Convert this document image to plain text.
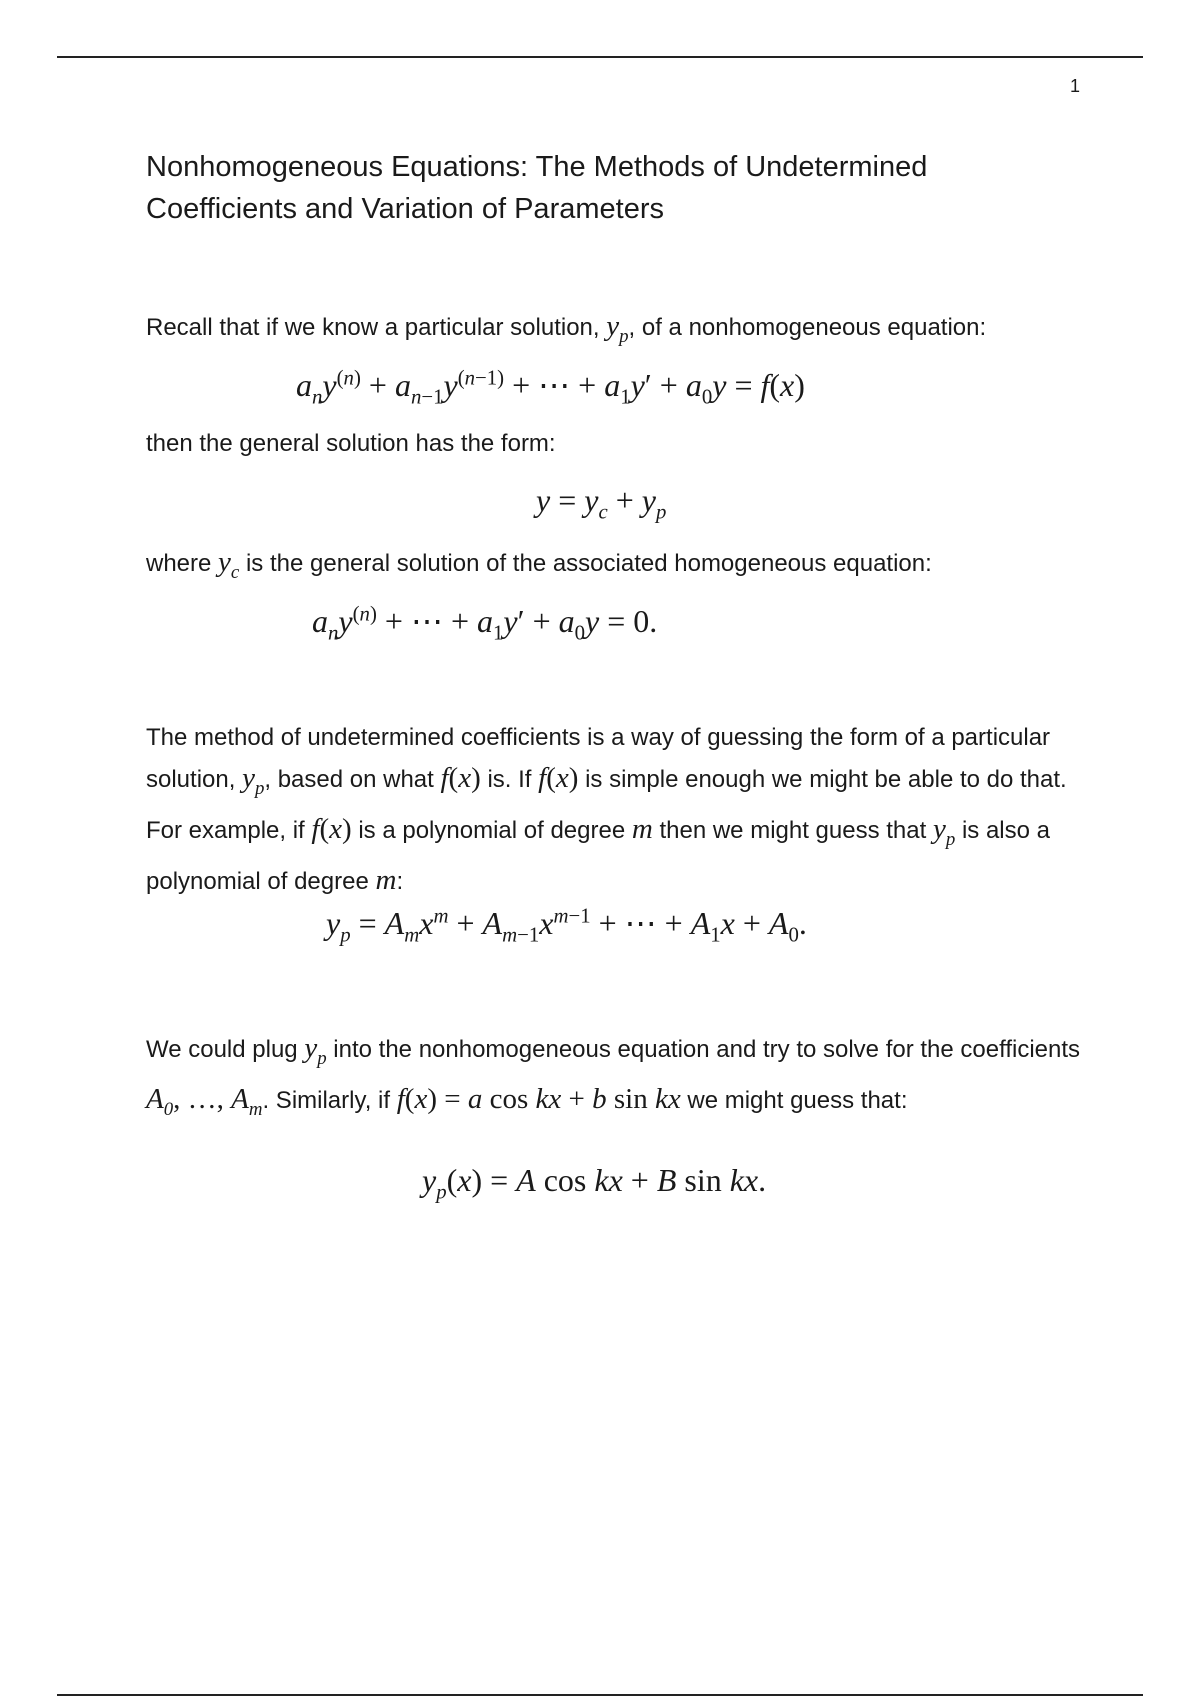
1
Nonhomogeneous Equations: The Methods of Undetermined Coefficients and Variation of Parameters
Recall that if we know a particular solution, $y_p$, of a nonhomogeneous equation:
$a_ny^{(n)} + a_{n-1}y^{(n-1)}$ + ⋯ + $a_1y' + a_0y = f(x)$
then the general solution has the form:
$y = y_c + y_p$
where $y_c$ is the general solution of the associated homogeneous equation:
$a_ny^{(n)}$ + ⋯ + $a_1y' + a_0y = 0$.
The method of undetermined coefficients is a way of guessing the form of a particular solution, $y_p$, based on what f(x) is. If f(x) is simple enough we might be able to do that. For example, if f(x) is a polynomial of degree m then we might guess that $y_p$ is also a polynomial of degree m:
$y_p = A_mx^m + A_{m-1}x^{m-1}$ + ⋯ + $A_1x + A_0$.
We could plug $y_p$ into the nonhomogeneous equation and try to solve for the coefficients $A_0$, …, $A_m$. Similarly, if f(x) = a cos kx + b sin kx we might guess that:
$y_p(x) = A$ cos kx + B sin kx.
